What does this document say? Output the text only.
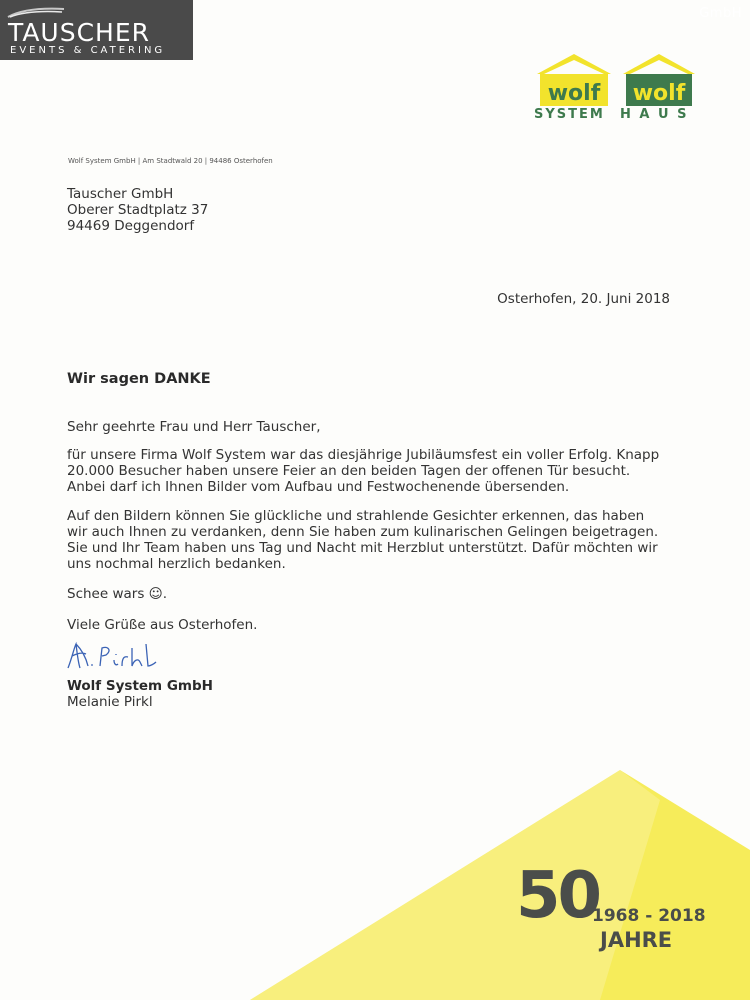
GmbH
TAUSCHER
EVENTS & CATERING
wolf
SYSTEM
wolf
H A U S
Wolf System GmbH | Am Stadtwald 20 | 94486 Osterhofen
Tauscher GmbH
Oberer Stadtplatz 37
94469 Deggendorf
Osterhofen, 20. Juni 2018
Wir sagen DANKE
Sehr geehrte Frau und Herr Tauscher,
für unsere Firma Wolf System war das diesjährige Jubiläumsfest ein voller Erfolg. Knapp
20.000 Besucher haben unsere Feier an den beiden Tagen der offenen Tür besucht.
Anbei darf ich Ihnen Bilder vom Aufbau und Festwochenende übersenden.
Auf den Bildern können Sie glückliche und strahlende Gesichter erkennen, das haben
wir auch Ihnen zu verdanken, denn Sie haben zum kulinarischen Gelingen beigetragen.
Sie und Ihr Team haben uns Tag und Nacht mit Herzblut unterstützt. Dafür möchten wir
uns nochmal herzlich bedanken.
Schee wars ☺.
Viele Grüße aus Osterhofen.
Wolf System GmbH
Melanie Pirkl
50
1968 - 2018
JAHRE
